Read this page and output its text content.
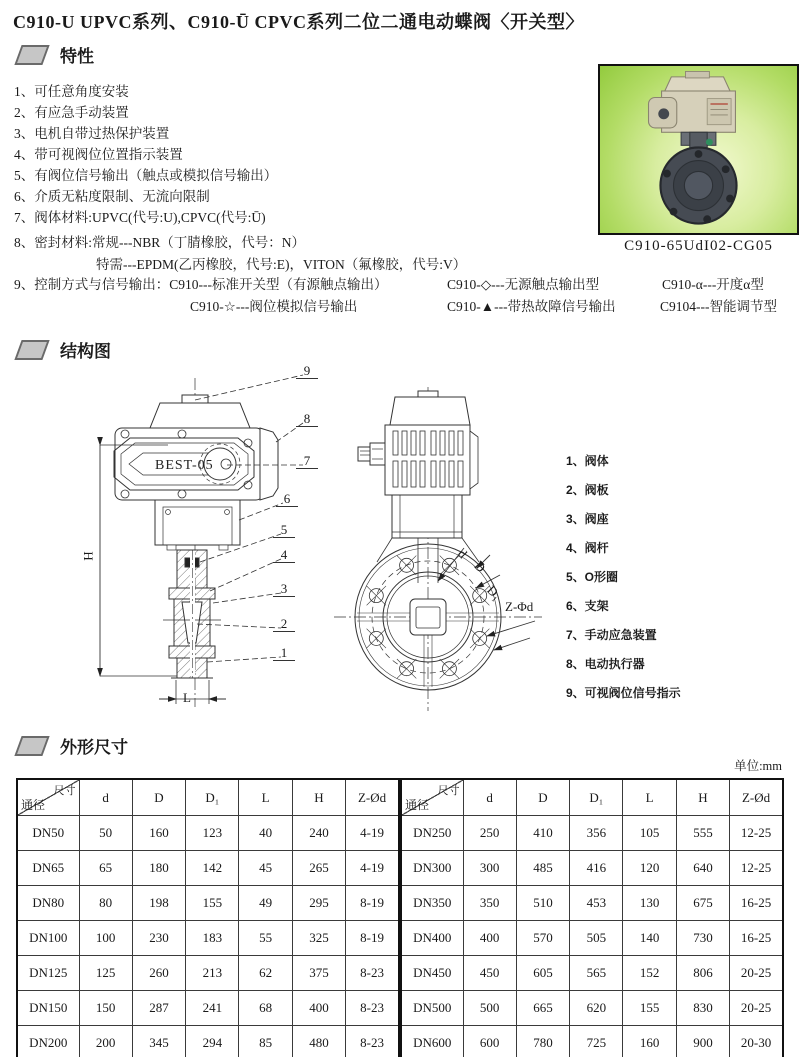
C910-U UPVC系列、C910-Ū CPVC系列二位二通电动蝶阀〈开关型〉
特性
1、可任意角度安装
2、有应急手动装置
3、电机自带过热保护装置
4、带可视阀位位置指示装置
5、有阀位信号输出（触点或模拟信号输出）
6、介质无粘度限制、无流向限制
7、阀体材料:UPVC(代号:U),CPVC(代号:Ū)
8、密封材料:常规---NBR（丁腈橡胶，代号：N）
特需---EPDM(乙丙橡胶，代号:E)，VITON（氟橡胶，代号:V）
9、控制方式与信号输出：C910---标准开关型（有源触点输出）	C910-◇---无源触点输出型	C910-α---开度α型
C910-☆---阀位模拟信号输出	C910-▲---带热故障信号输出	C9104---智能调节型
C910-65UdI02-CG05
结构图
BEST-05
H
L
9
8
7
6
5
4
3
2
1
d
D
D₁
Z-Φd
1、阀体
2、阀板
3、阀座
4、阀杆
5、O形圈
6、支架
7、手动应急装置
8、电动执行器
9、可视阀位信号指示
外形尺寸
单位:mm
尺寸
通径	d	D	D₁	L	H	Z-Ød
DN50	50	160	123	40	240	4-19
DN65	65	180	142	45	265	4-19
DN80	80	198	155	49	295	8-19
DN100	100	230	183	55	325	8-19
DN125	125	260	213	62	375	8-23
DN150	150	287	241	68	400	8-23
DN200	200	345	294	85	480	8-23
尺寸
通径	d	D	D₁	L	H	Z-Ød
DN250	250	410	356	105	555	12-25
DN300	300	485	416	120	640	12-25
DN350	350	510	453	130	675	16-25
DN400	400	570	505	140	730	16-25
DN450	450	605	565	152	806	20-25
DN500	500	665	620	155	830	20-25
DN600	600	780	725	160	900	20-30
